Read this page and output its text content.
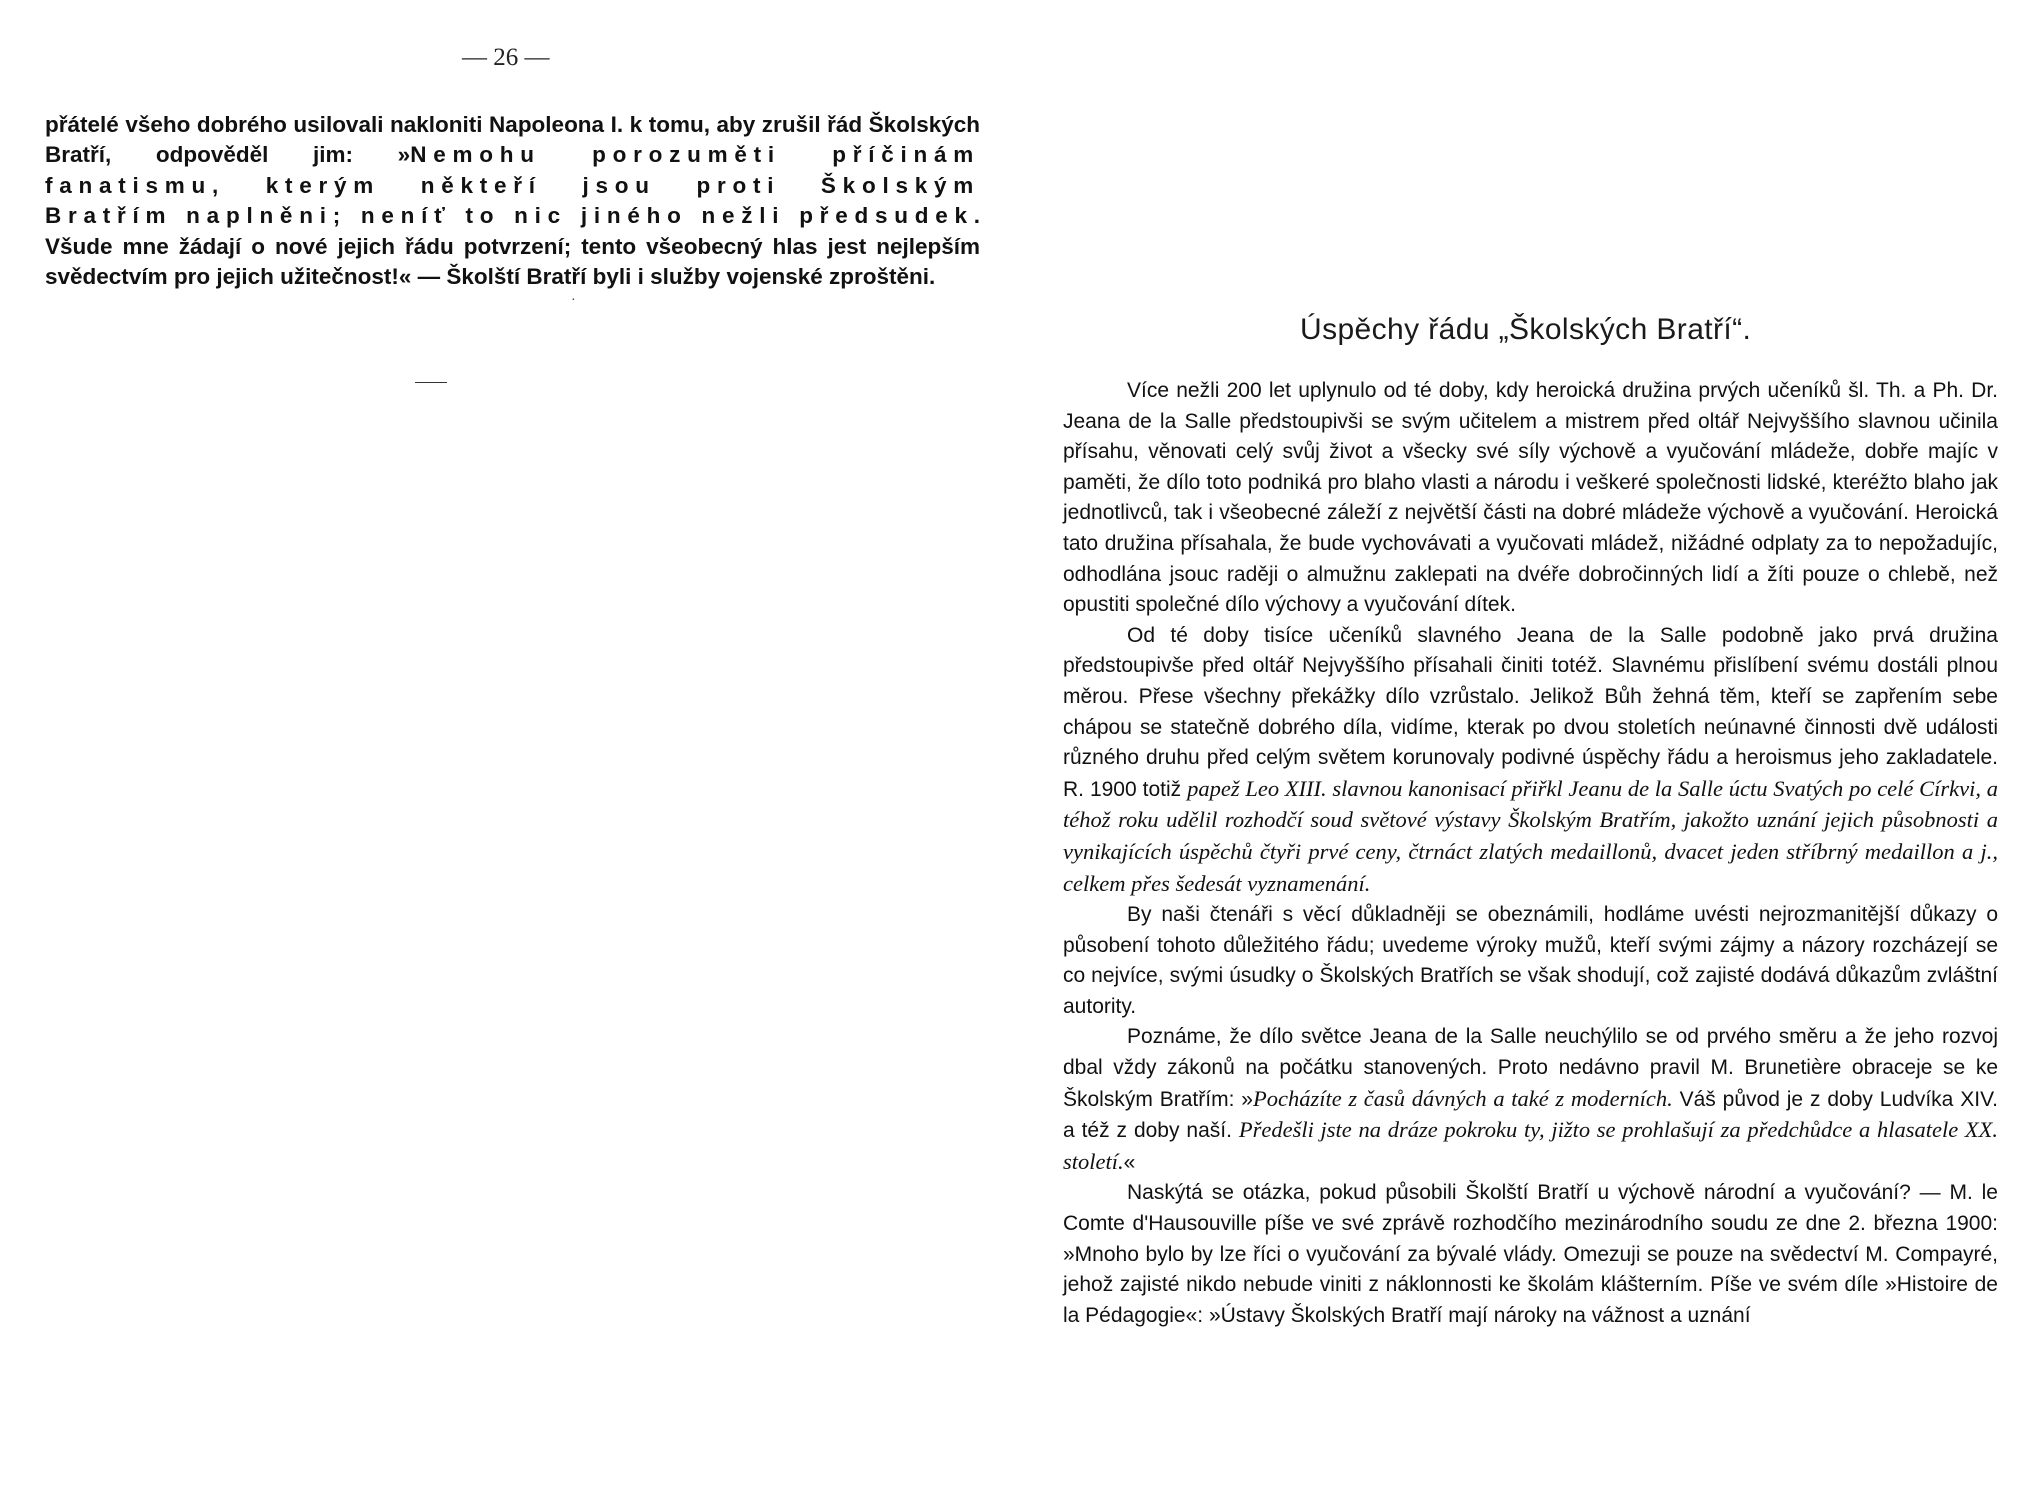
— 26 —

přátelé všeho dobrého usilovali nakloniti Napoleona I. k tomu, aby zrušil řád Školských Bratří, odpověděl jim: »Nemohu porozuměti příčinám fanatismu, kterým někteří jsou proti Školským Bratřím naplněni; neníť to nic jiného nežli předsudek. Všude mne žádají o nové jejich řádu potvrzení; tento všeobecný hlas jest nejlepším svědectvím pro jejich užitečnost!« — Školští Bratří byli i služby vojenské zproštěni.

·
Úspěchy řádu „Školských Bratří“.

Více nežli 200 let uplynulo od té doby, kdy heroická družina prvých učeníků šl. Th. a Ph. Dr. Jeana de la Salle předstoupivši se svým učitelem a mistrem před oltář Nejvyššího slavnou učinila přísahu, věnovati celý svůj život a všecky své síly výchově a vyučování mládeže, dobře majíc v paměti, že dílo toto podniká pro blaho vlasti a národu i veškeré společnosti lidské, kteréžto blaho jak jednotlivců, tak i všeobecné záleží z největší části na dobré mládeže výchově a vyučování. Heroická tato družina přísahala, že bude vychovávati a vyučovati mládež, nižádné odplaty za to nepožadujíc, odhodlána jsouc raději o almužnu zaklepati na dvéře dobročinných lidí a žíti pouze o chlebě, než opustiti společné dílo výchovy a vyučování dítek.

Od té doby tisíce učeníků slavného Jeana de la Salle podobně jako prvá družina předstoupivše před oltář Nejvyššího přísahali činiti totéž. Slavnému přislíbení svému dostáli plnou měrou. Přese všechny překážky dílo vzrůstalo. Jelikož Bůh žehná těm, kteří se zapřením sebe chápou se statečně dobrého díla, vidíme, kterak po dvou stoletích neúnavné činnosti dvě události různého druhu před celým světem korunovaly podivné úspěchy řádu a heroismus jeho zakladatele. R. 1900 totiž papež Leo XIII. slavnou kanonisací přiřkl Jeanu de la Salle úctu Svatých po celé Církvi, a téhož roku udělil rozhodčí soud světové výstavy Školským Bratřím, jakožto uznání jejich působnosti a vynikajících úspěchů čtyři prvé ceny, čtrnáct zlatých medaillonů, dvacet jeden stříbrný medaillon a j., celkem přes šedesát vyznamenání.

By naši čtenáři s věcí důkladněji se obeznámili, hodláme uvésti nejrozmanitější důkazy o působení tohoto důležitého řádu; uvedeme výroky mužů, kteří svými zájmy a názory rozcházejí se co nejvíce, svými úsudky o Školských Bratřích se však shodují, což zajisté dodává důkazům zvláštní autority.

Poznáme, že dílo světce Jeana de la Salle neuchýlilo se od prvého směru a že jeho rozvoj dbal vždy zákonů na počátku stanovených. Proto nedávno pravil M. Brunetière obraceje se ke Školským Bratřím: »Pocházíte z časů dávných a také z moderních. Váš původ je z doby Ludvíka XIV. a též z doby naší. Předešli jste na dráze pokroku ty, jižto se prohlašují za předchůdce a hlasatele XX. století.«

Naskýtá se otázka, pokud působili Školští Bratří u výchově národní a vyučování? — M. le Comte d'Hausouville píše ve své zprávě rozhodčího mezinárodního soudu ze dne 2. března 1900: »Mnoho bylo by lze říci o vyučování za bývalé vlády. Omezuji se pouze na svědectví M. Compayré, jehož zajisté nikdo nebude viniti z náklonnosti ke školám klášterním. Píše ve svém díle »Histoire de la Pédagogie«: »Ústavy Školských Bratří mají nároky na vážnost a uznání
